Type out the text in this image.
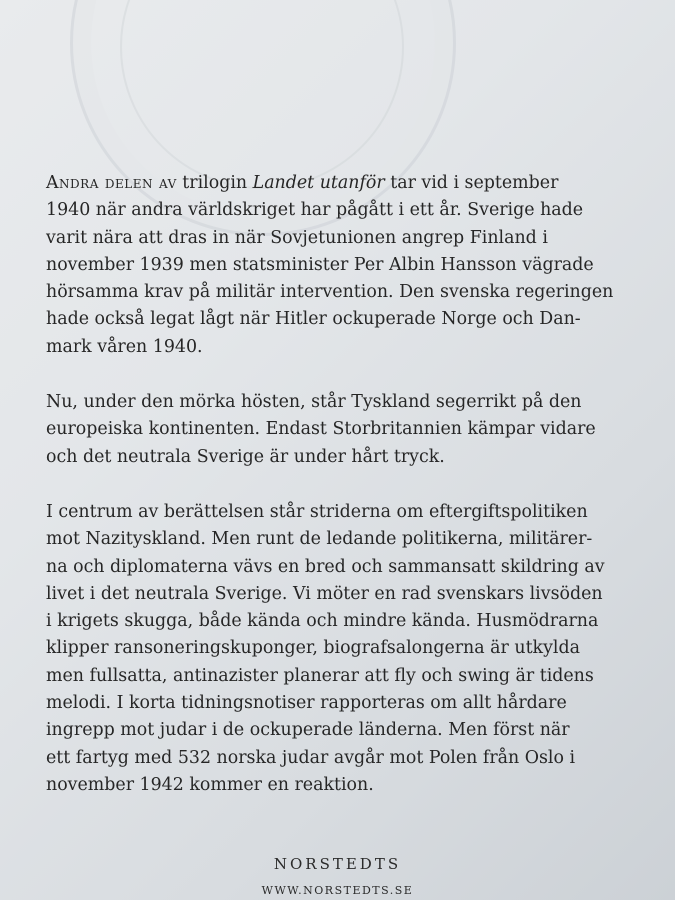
Andra delen av trilogin Landet utanför tar vid i september
1940 när andra världskriget har pågått i ett år. Sverige hade
varit nära att dras in när Sovjetunionen angrep Finland i
november 1939 men statsminister Per Albin Hansson vägrade
hörsamma krav på militär intervention. Den svenska regeringen
hade också legat lågt när Hitler ockuperade Norge och Dan-
mark våren 1940.

Nu, under den mörka hösten, står Tyskland segerrikt på den
europeiska kontinenten. Endast Storbritannien kämpar vidare
och det neutrala Sverige är under hårt tryck.

I centrum av berättelsen står striderna om eftergiftspolitiken
mot Nazityskland. Men runt de ledande politikerna, militärer-
na och diplomaterna vävs en bred och sammansatt skildring av
livet i det neutrala Sverige. Vi möter en rad svenskars livsöden
i krigets skugga, både kända och mindre kända. Husmödrarna
klipper ransoneringskuponger, biografsalongerna är utkylda
men fullsatta, antinazister planerar att fly och swing är tidens
melodi. I korta tidningsnotiser rapporteras om allt hårdare
ingrepp mot judar i de ockuperade länderna. Men först när
ett fartyg med 532 norska judar avgår mot Polen från Oslo i
november 1942 kommer en reaktion.

NORSTEDTS
WWW.NORSTEDTS.SE
